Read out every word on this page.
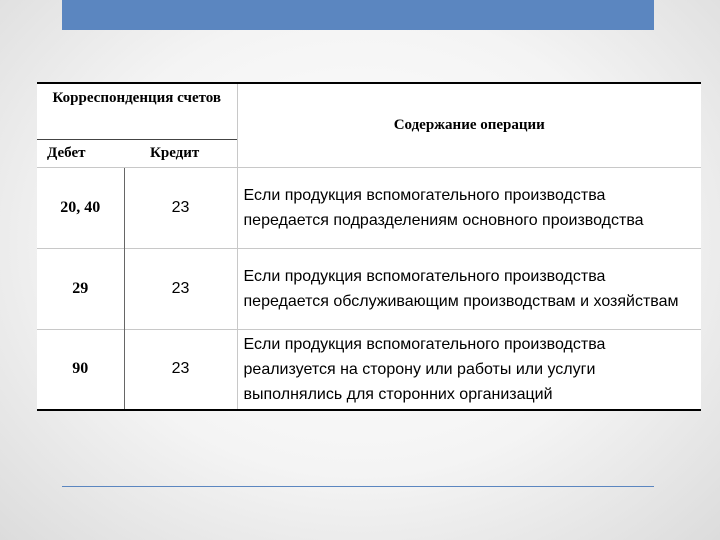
Корреспонденция счетов		Содержание операции
Дебет	Кредит	
20, 40	23	Если продукция вспомогательного производства передается подразделениям основного производства
29	23	Если продукция вспомогательного производства передается обслуживающим производствам и хозяйствам
90	23	Если продукция вспомогательного производства реализуется на сторону или работы или услуги выполнялись для сторонних организаций
